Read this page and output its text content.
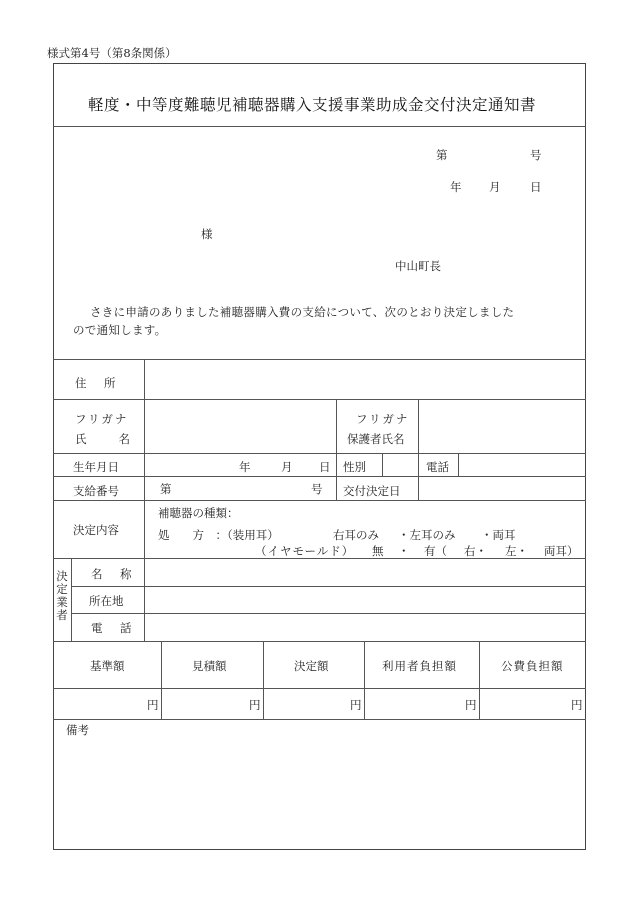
様式第4号（第8条関係）
軽度・中等度難聴児補聴器購入支援事業助成金交付決定通知書
第	号
年 月	日
様
中山町長
さきに申請のありました補聴器購入費の支給について、次のとおり決定しました
ので通知します。
住　所
フリガナ
氏　　名
フリガナ
保護者氏名
生年月日	年	月 日 性別	電話
支給番号	第	号 交付決定日
決定内容
補聴器の種類：
処　　方　：（装用耳）	右耳のみ ・左耳のみ ・両耳
（イヤモールド） 無 ・ 有（ 右・ 左・ 両耳）
決定業者
名　称
所在地
電　話
基準額	見積額	決定額	利用者負担額	公費負担額
円	円	円	円	円
備考
